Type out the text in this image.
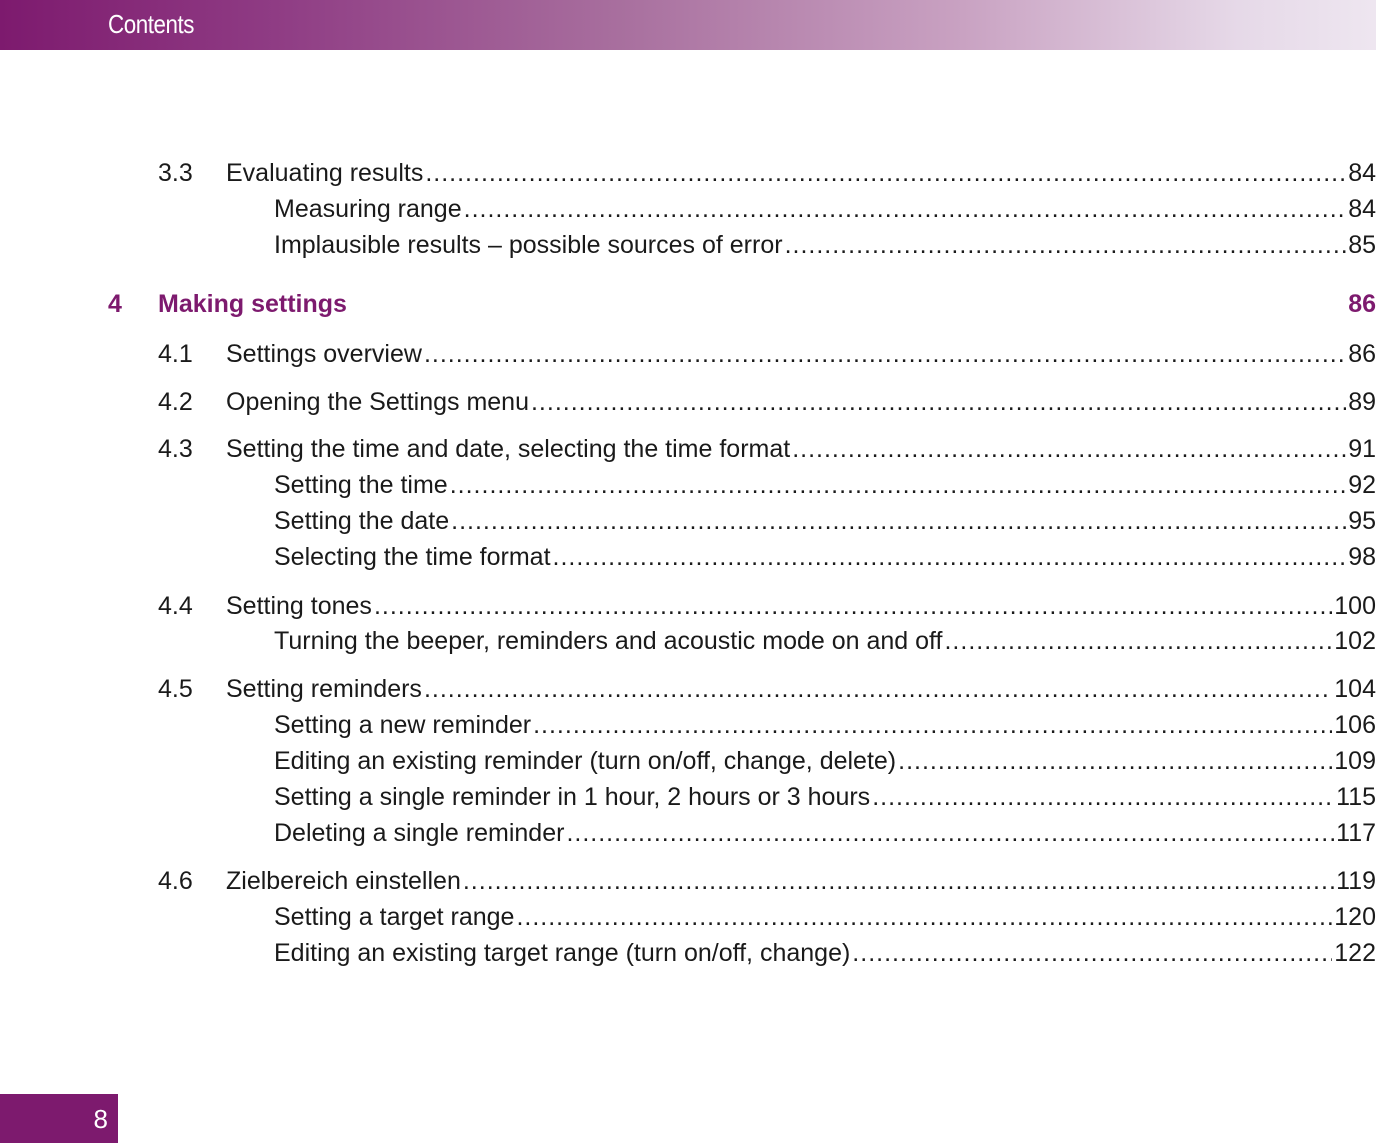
Contents
4 Making settings	86
3.3 Evaluating results .....	84
Measuring range .....	84
Implausible results – possible sources of error .....	85
4.1 Settings overview .....	86
4.2 Opening the Settings menu .....	89
4.3 Setting the time and date, selecting the time format .....	91
Setting the time .....	92
Setting the date .....	95
Selecting the time format .....	98
4.4 Setting tones .....	100
Turning the beeper, reminders and acoustic mode on and off .....	102
4.5 Setting reminders .....	104
Setting a new reminder .....	106
Editing an existing reminder (turn on/off, change, delete) .....	109
Setting a single reminder in 1 hour, 2 hours or 3 hours .....	115
Deleting a single reminder .....	117
4.6 Zielbereich einstellen .....	119
Setting a target range .....	120
Editing an existing target range (turn on/off, change) .....	122
8
